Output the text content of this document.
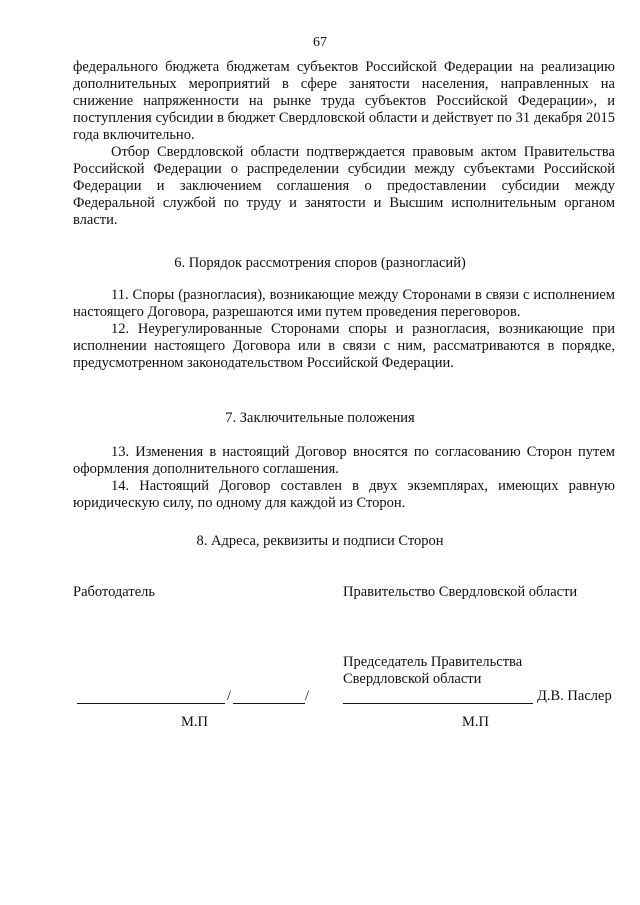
67

федерального бюджета бюджетам субъектов Российской Федерации на реализацию дополнительных мероприятий в сфере занятости населения, направленных на снижение напряженности на рынке труда субъектов Российской Федерации», и поступления субсидии в бюджет Свердловской области и действует по 31 декабря 2015 года включительно.

Отбор Свердловской области подтверждается правовым актом Правительства Российской Федерации о распределении субсидии между субъектами Российской Федерации и заключением соглашения о предоставлении субсидии между Федеральной службой по труду и занятости и Высшим исполнительным органом власти.

6. Порядок рассмотрения споров (разногласий)

11. Споры (разногласия), возникающие между Сторонами в связи с исполнением настоящего Договора, разрешаются ими путем проведения переговоров.

12. Неурегулированные Сторонами споры и разногласия, возникающие при исполнении настоящего Договора или в связи с ним, рассматриваются в порядке, предусмотренном законодательством Российской Федерации.

7. Заключительные положения

13. Изменения в настоящий Договор вносятся по согласованию Сторон путем оформления дополнительного соглашения.

14. Настоящий Договор составлен в двух экземплярах, имеющих равную юридическую силу, по одному для каждой из Сторон.

8. Адреса, реквизиты и подписи Сторон
Работодатель	Правительство Свердловской области
Председатель Правительства
Свердловской области
/	/	Д.В. Паслер
М.П	М.П
